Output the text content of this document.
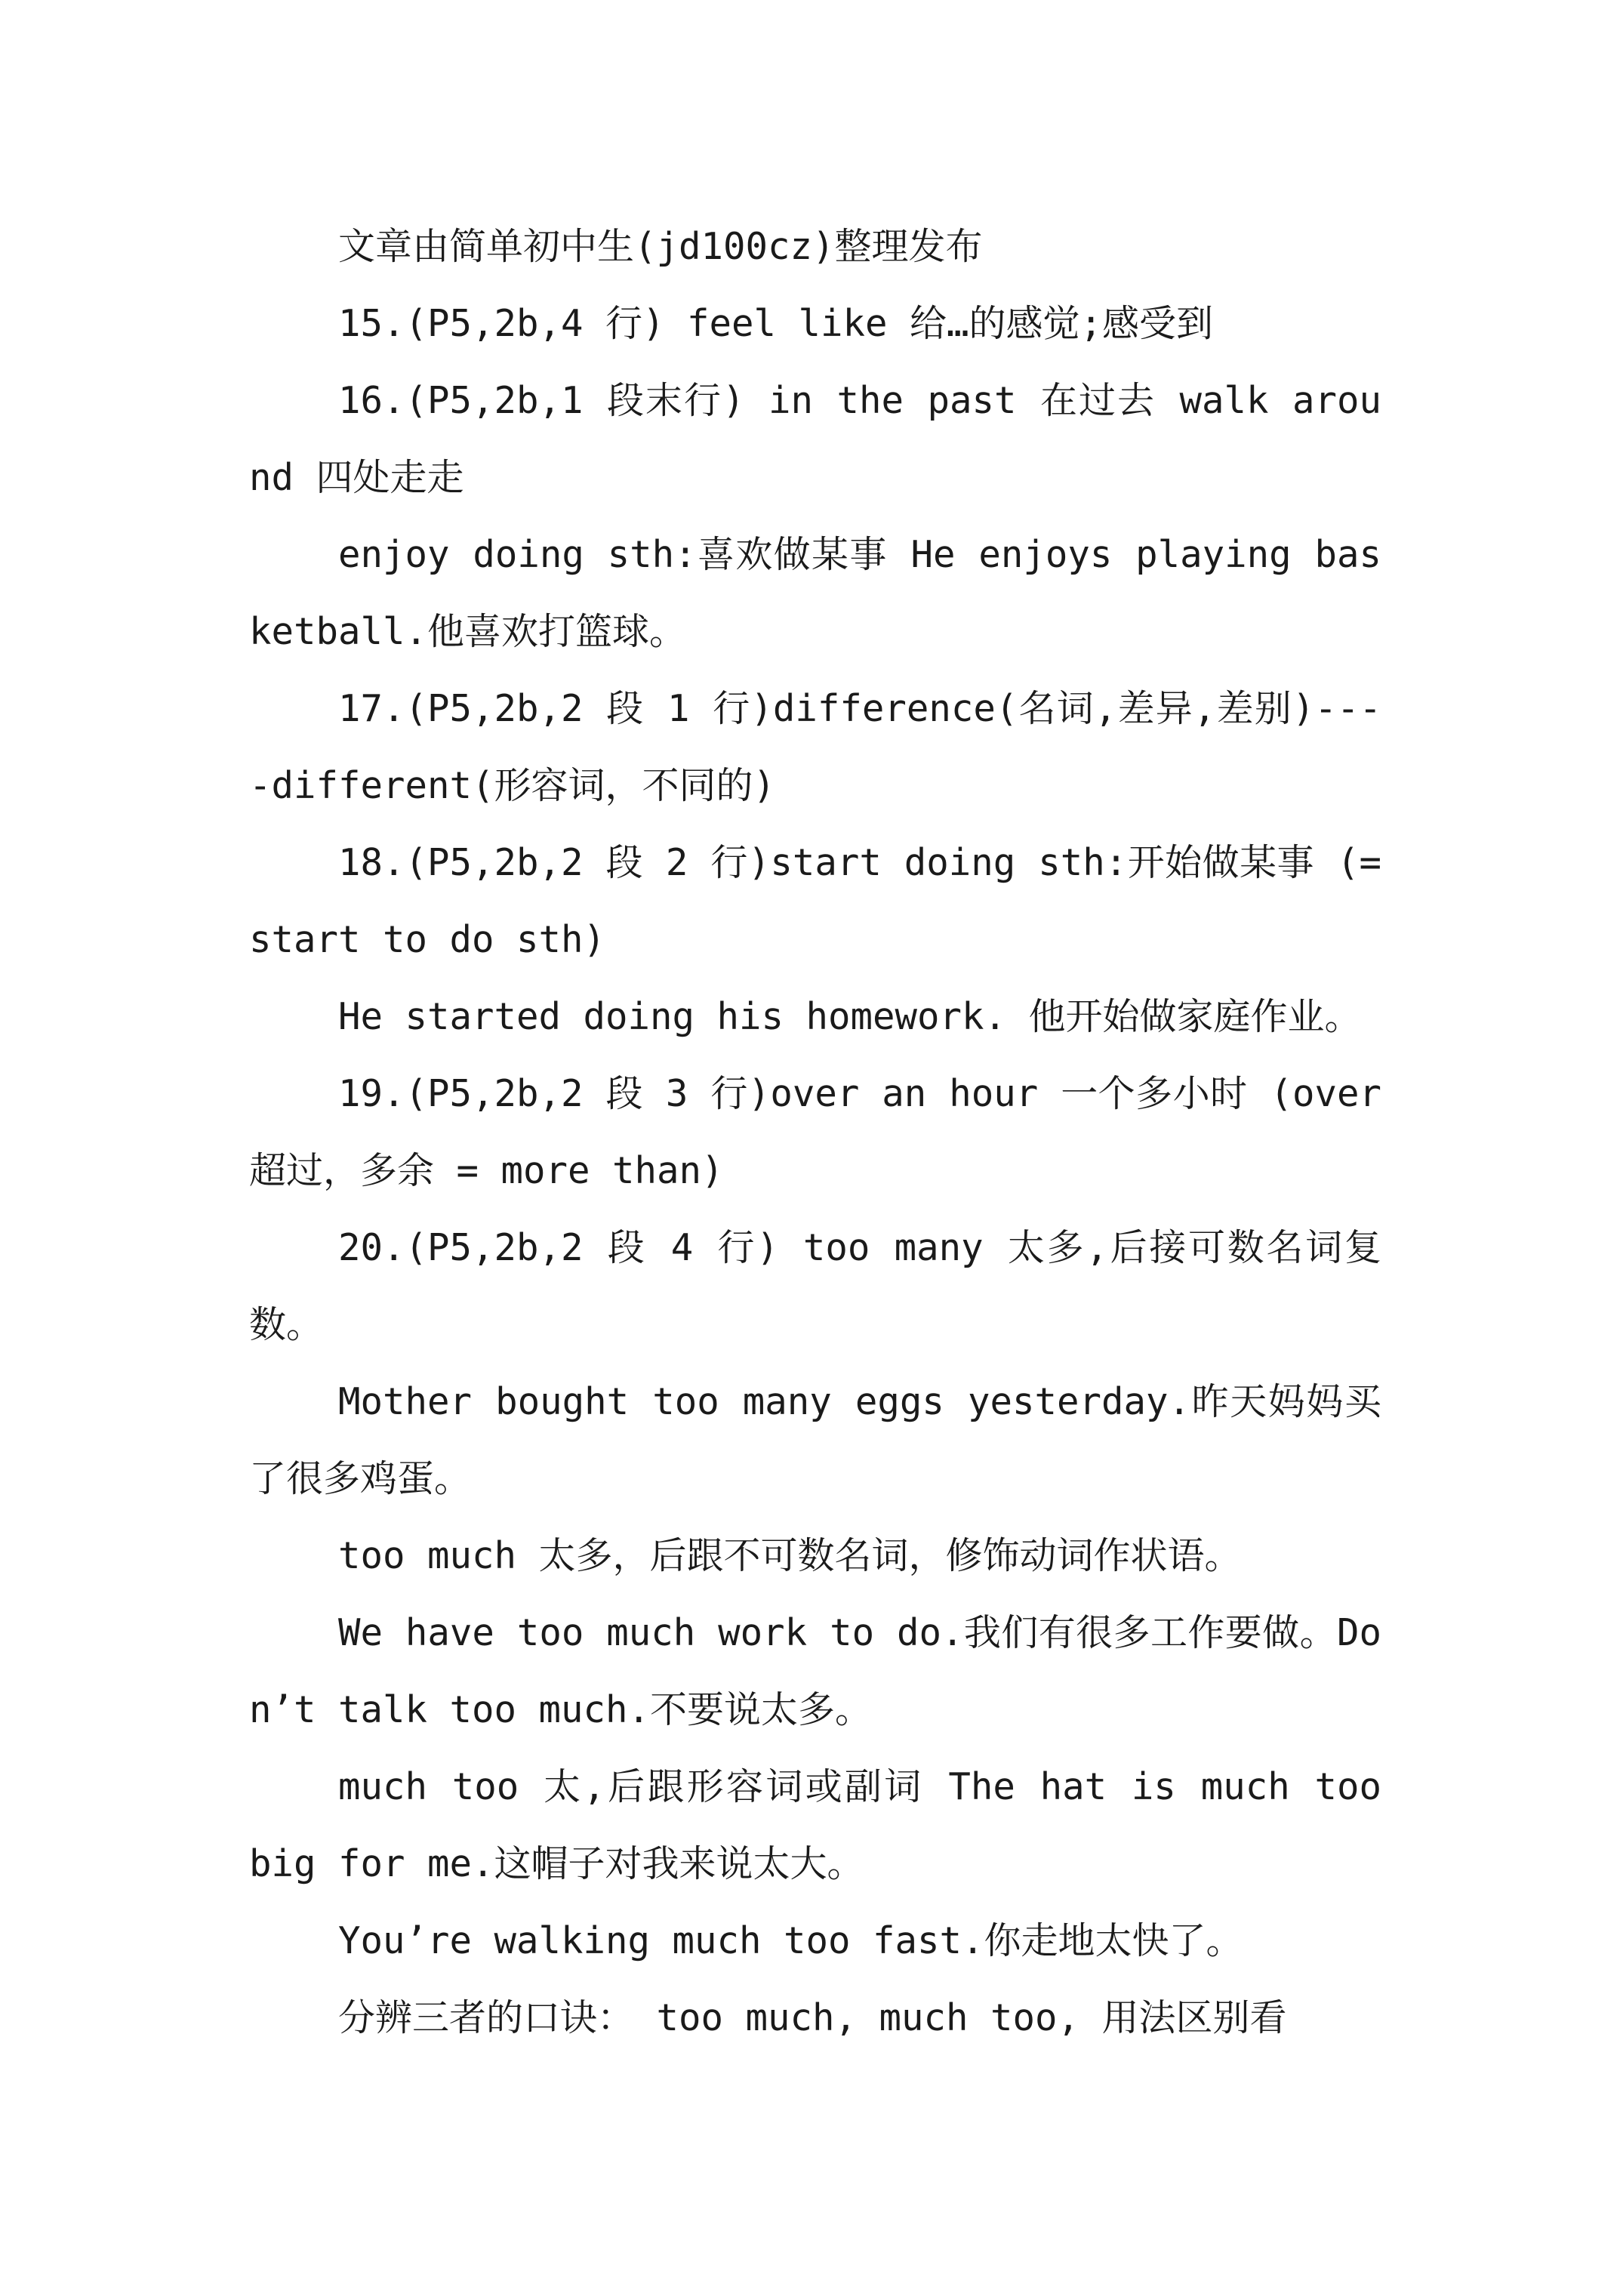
文章由简单初中生(jd100cz)整理发布

15.(P5,2b,4 行) feel like 给…的感觉;感受到

16.(P5,2b,1 段末行) in the past 在过去 walk around 四处走走

enjoy doing sth:喜欢做某事 He enjoys playing basketball.他喜欢打篮球。

17.(P5,2b,2 段 1 行)difference(名词,差异,差别)----different(形容词，不同的)

18.(P5,2b,2 段 2 行)start doing sth:开始做某事 (= start to do sth)

He started doing his homework. 他开始做家庭作业。

19.(P5,2b,2 段 3 行)over an hour 一个多小时 (over 超过，多余 = more than)

20.(P5,2b,2 段 4 行) too many 太多,后接可数名词复数。

Mother bought too many eggs yesterday.昨天妈妈买了很多鸡蛋。

too much 太多，后跟不可数名词，修饰动词作状语。

We have too much work to do.我们有很多工作要做。Don’t talk too much.不要说太多。

much too 太,后跟形容词或副词 The hat is much too big for me.这帽子对我来说太大。

You’re walking much too fast.你走地太快了。

分辨三者的口诀： too much, much too, 用法区别看
